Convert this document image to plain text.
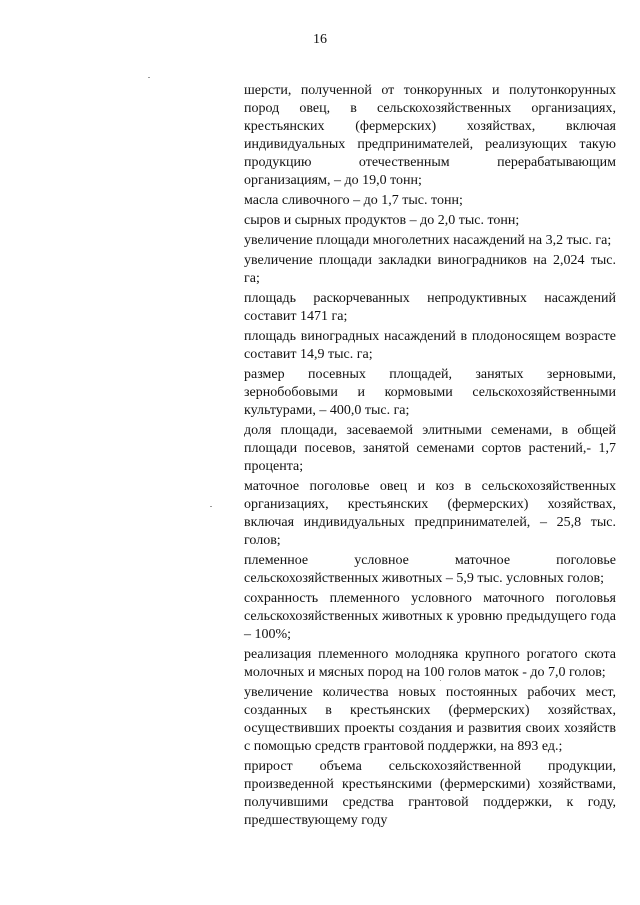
16

шерсти, полученной от тонкорунных и полутонкорунных пород овец, в сельскохозяйственных организациях, крестьянских (фермерских) хозяйствах, включая индивидуальных предпринимателей, реализующих такую продукцию отечественным перерабатывающим организациям, – до 19,0 тонн;

масла сливочного – до 1,7 тыс. тонн;

сыров и сырных продуктов – до 2,0 тыс. тонн;

увеличение площади многолетних насаждений на 3,2 тыс. га;

увеличение площади закладки виноградников на 2,024 тыс. га;

площадь раскорчеванных непродуктивных насаждений составит 1471 га;

площадь виноградных насаждений в плодоносящем возрасте составит 14,9 тыс. га;

размер посевных площадей, занятых зерновыми, зернобобовыми и кормовыми сельскохозяйственными культурами, – 400,0 тыс. га;

доля площади, засеваемой элитными семенами, в общей площади посевов, занятой семенами сортов растений,- 1,7 процента;

маточное поголовье овец и коз в сельскохозяйственных организациях, крестьянских (фермерских) хозяйствах, включая индивидуальных предпринимателей, – 25,8 тыс. голов;

племенное условное маточное поголовье сельскохозяйственных животных – 5,9 тыс. условных голов;

сохранность племенного условного маточного поголовья сельскохозяйственных животных к уровню предыдущего года – 100%;

реализация племенного молодняка крупного рогатого скота молочных и мясных пород на 100 голов маток - до 7,0 голов;

увеличение количества новых постоянных рабочих мест, созданных в крестьянских (фермерских) хозяйствах, осуществивших проекты создания и развития своих хозяйств с помощью средств грантовой поддержки, на 893 ед.;

прирост объема сельскохозяйственной продукции, произведенной крестьянскими (фермерскими) хозяйствами, получившими средства грантовой поддержки, к году, предшествующему году
